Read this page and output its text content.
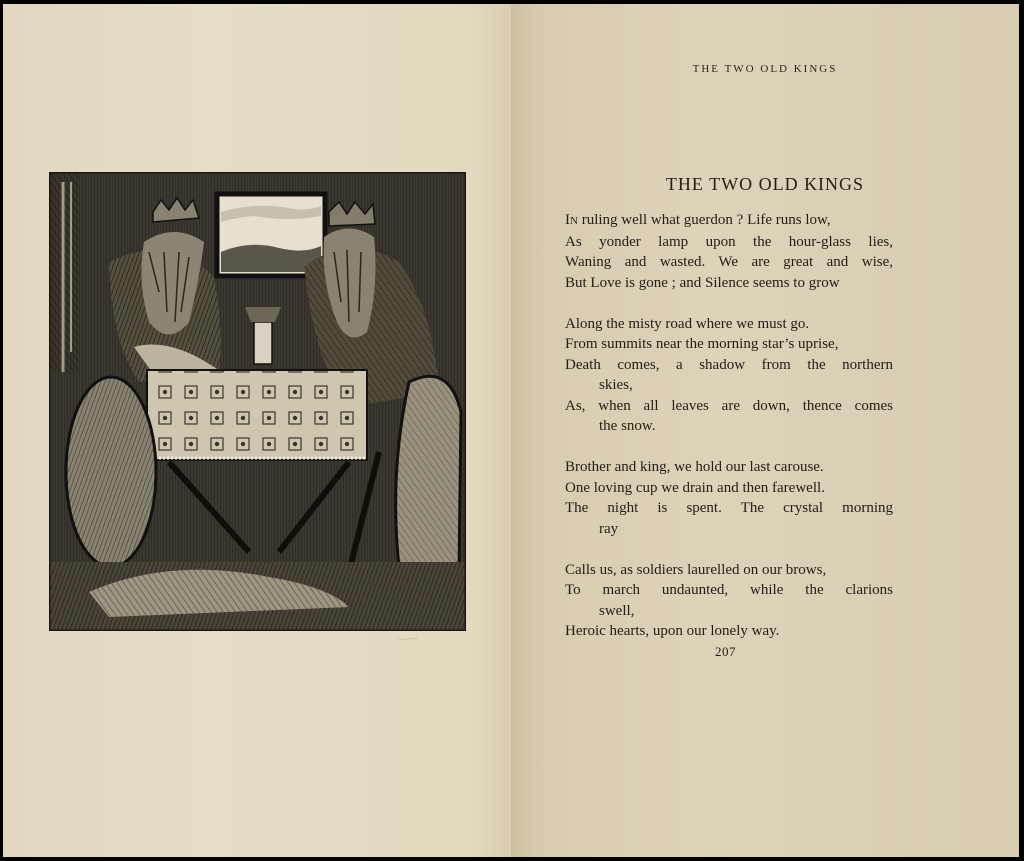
~~~~
THE TWO OLD KINGS
THE TWO OLD KINGS
IN ruling well what guerdon ? Life runs low,
As yonder lamp upon the hour-glass lies,
Waning and wasted. We are great and wise,
But Love is gone ; and Silence seems to grow
Along the misty road where we must go.
From summits near the morning star’s uprise,
Death comes, a shadow from the northern
skies,
As, when all leaves are down, thence comes
the snow.
Brother and king, we hold our last carouse.
One loving cup we drain and then farewell.
The night is spent. The crystal morning
ray
Calls us, as soldiers laurelled on our brows,
To march undaunted, while the clarions
swell,
Heroic hearts, upon our lonely way.
207
